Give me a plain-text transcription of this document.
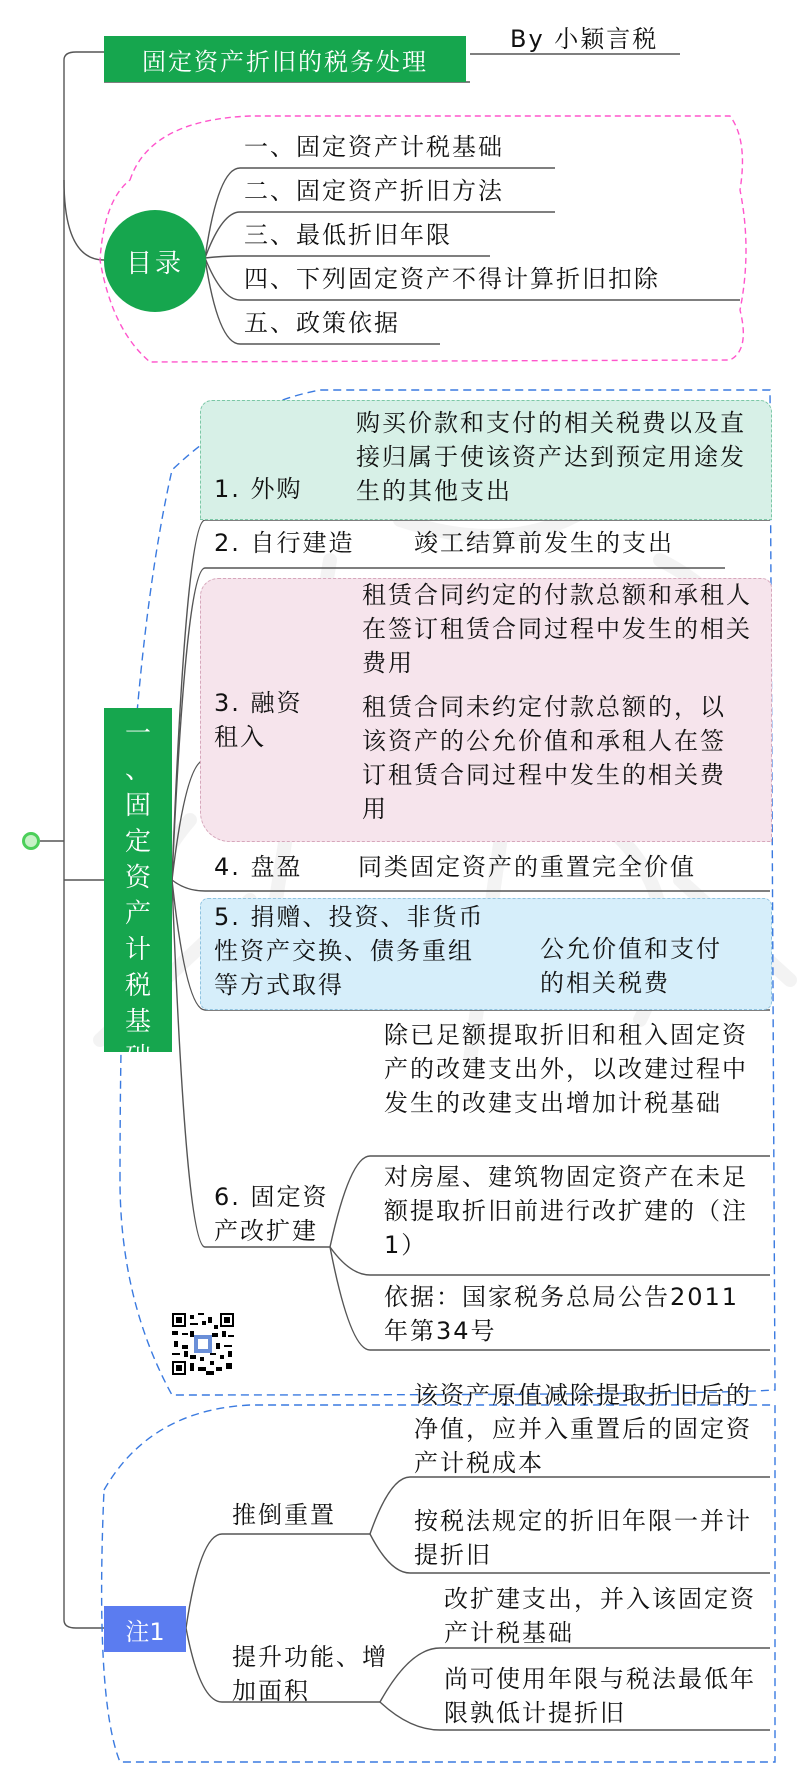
固定资产折旧的税务处理
By 小颖言税
目录
一、固定资产计税基础
二、固定资产折旧方法
三、最低折旧年限
四、下列固定资产不得计算折旧扣除
五、政策依据
一
、
固
定
资
产
计
税
基
础
1. 外购
购买价款和支付的相关税费以及直接归属于使该资产达到预定用途发生的其他支出
2. 自行建造 竣工结算前发生的支出
3. 融资租入
租赁合同约定的付款总额和承租人在签订租赁合同过程中发生的相关费用
租赁合同未约定付款总额的，以该资产的公允价值和承租人在签订租赁合同过程中发生的相关费用
4. 盘盈 同类固定资产的重置完全价值
5. 捐赠、投资、非货币性资产交换、债务重组等方式取得
公允价值和支付的相关税费
6. 固定资产改扩建
除已足额提取折旧和租入固定资产的改建支出外，以改建过程中发生的改建支出增加计税基础
对房屋、建筑物固定资产在未足额提取折旧前进行改扩建的（注1）
依据：国家税务总局公告2011年第34号
注1
推倒重置
该资产原值减除提取折旧后的净值，应并入重置后的固定资产计税成本
按税法规定的折旧年限一并计提折旧
提升功能、增加面积
改扩建支出，并入该固定资产计税基础
尚可使用年限与税法最低年限孰低计提折旧
